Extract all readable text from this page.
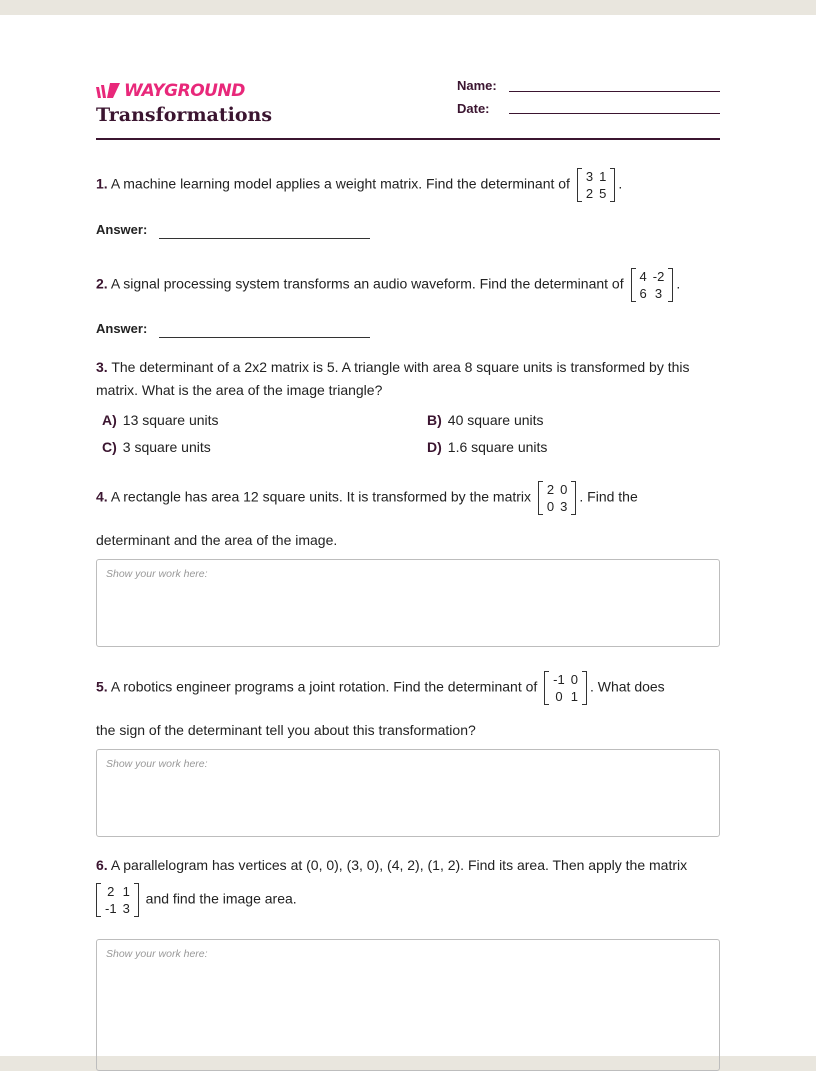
WAYGROUND
Transformations
Name:
Date:
1. A machine learning model applies a weight matrix. Find the determinant of 3 1
2 5
.
Answer:
2. A signal processing system transforms an audio waveform. Find the determinant of 4 -2
6 3
.
Answer:
3. The determinant of a 2x2 matrix is 5. A triangle with area 8 square units is transformed by this matrix. What is the area of the image triangle?
A) 13 square units	B) 40 square units
C) 3 square units	D) 1.6 square units
4. A rectangle has area 12 square units. It is transformed by the matrix 2 0
0 3
. Find the
determinant and the area of the image.
Show your work here:
5. A robotics engineer programs a joint rotation. Find the determinant of -1 0
0 1
. What does
the sign of the determinant tell you about this transformation?
Show your work here:
6. A parallelogram has vertices at (0, 0), (3, 0), (4, 2), (1, 2). Find its area. Then apply the matrix
2 1
-1 3
and find the image area.
Show your work here:
